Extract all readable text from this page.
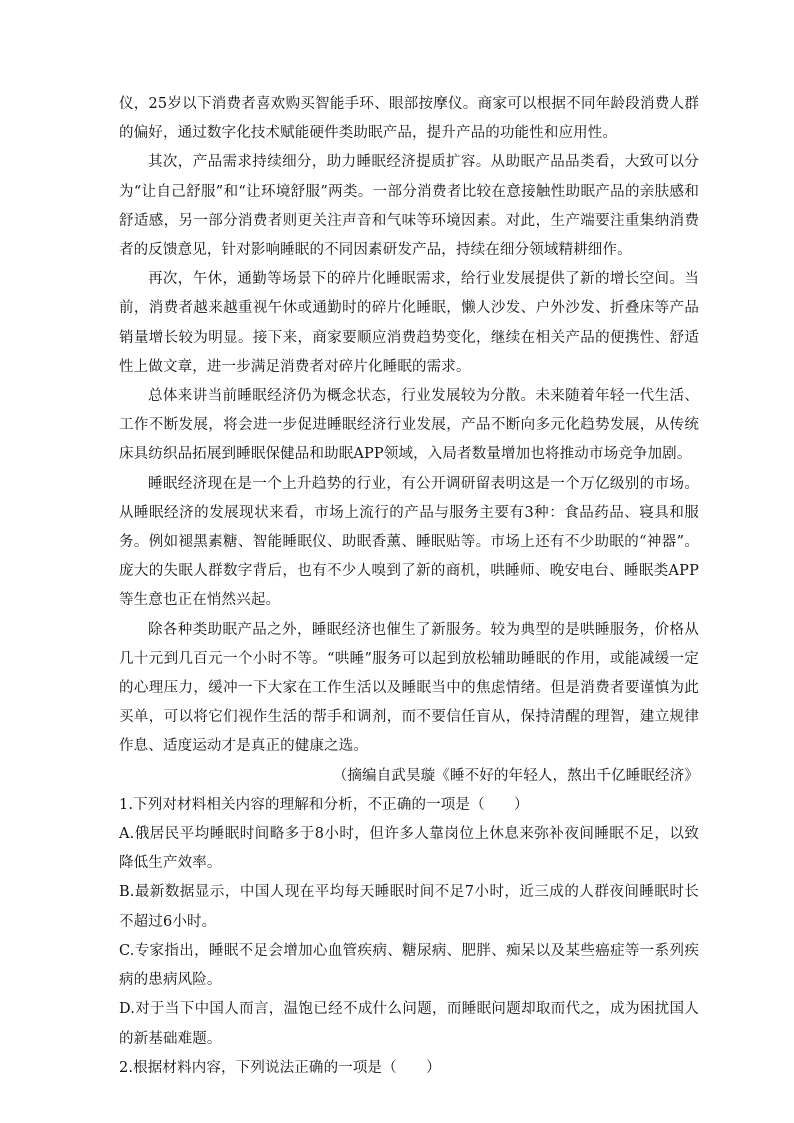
仪，25岁以下消费者喜欢购买智能手环、眼部按摩仪。商家可以根据不同年龄段消费人群的偏好，通过数字化技术赋能硬件类助眠产品，提升产品的功能性和应用性。

其次，产品需求持续细分，助力睡眠经济提质扩容。从助眠产品品类看，大致可以分为“让自己舒服”和“让环境舒服”两类。一部分消费者比较在意接触性助眠产品的亲肤感和舒适感，另一部分消费者则更关注声音和气味等环境因素。对此，生产端要注重集纳消费者的反馈意见，针对影响睡眠的不同因素研发产品，持续在细分领域精耕细作。

再次，午休，通勤等场景下的碎片化睡眠需求，给行业发展提供了新的增长空间。当前，消费者越来越重视午休或通勤时的碎片化睡眠，懒人沙发、户外沙发、折叠床等产品销量增长较为明显。接下来，商家要顺应消费趋势变化，继续在相关产品的便携性、舒适性上做文章，进一步满足消费者对碎片化睡眠的需求。

总体来讲当前睡眠经济仍为概念状态，行业发展较为分散。未来随着年轻一代生活、工作不断发展，将会进一步促进睡眠经济行业发展，产品不断向多元化趋势发展，从传统床具纺织品拓展到睡眠保健品和助眠APP领域，入局者数量增加也将推动市场竞争加剧。

睡眠经济现在是一个上升趋势的行业，有公开调研留表明这是一个万亿级别的市场。从睡眠经济的发展现状来看，市场上流行的产品与服务主要有3种：食品药品、寝具和服务。例如褪黑素糖、智能睡眠仪、助眠香薰、睡眠贴等。市场上还有不少助眠的“神器”。庞大的失眠人群数字背后，也有不少人嗅到了新的商机，哄睡师、晚安电台、睡眠类APP等生意也正在悄然兴起。

除各种类助眠产品之外，睡眠经济也催生了新服务。较为典型的是哄睡服务，价格从几十元到几百元一个小时不等。“哄睡”服务可以起到放松辅助睡眠的作用，或能减缓一定的心理压力，缓冲一下大家在工作生活以及睡眠当中的焦虑情绪。但是消费者要谨慎为此买单，可以将它们视作生活的帮手和调剂，而不要信任盲从，保持清醒的理智，建立规律作息、适度运动才是真正的健康之选。

（摘编自武昊璇《睡不好的年轻人，熬出千亿睡眠经济》

1.下列对材料相关内容的理解和分析，不正确的一项是（　　）

A.俄居民平均睡眠时间略多于8小时，但许多人靠岗位上休息来弥补夜间睡眠不足，以致降低生产效率。

B.最新数据显示，中国人现在平均每天睡眠时间不足7小时，近三成的人群夜间睡眠时长不超过6小时。

C.专家指出，睡眠不足会增加心血管疾病、糖尿病、肥胖、痴呆以及某些癌症等一系列疾病的患病风险。

D.对于当下中国人而言，温饱已经不成什么问题，而睡眠问题却取而代之，成为困扰国人的新基础难题。

2.根据材料内容，下列说法正确的一项是（　　）
